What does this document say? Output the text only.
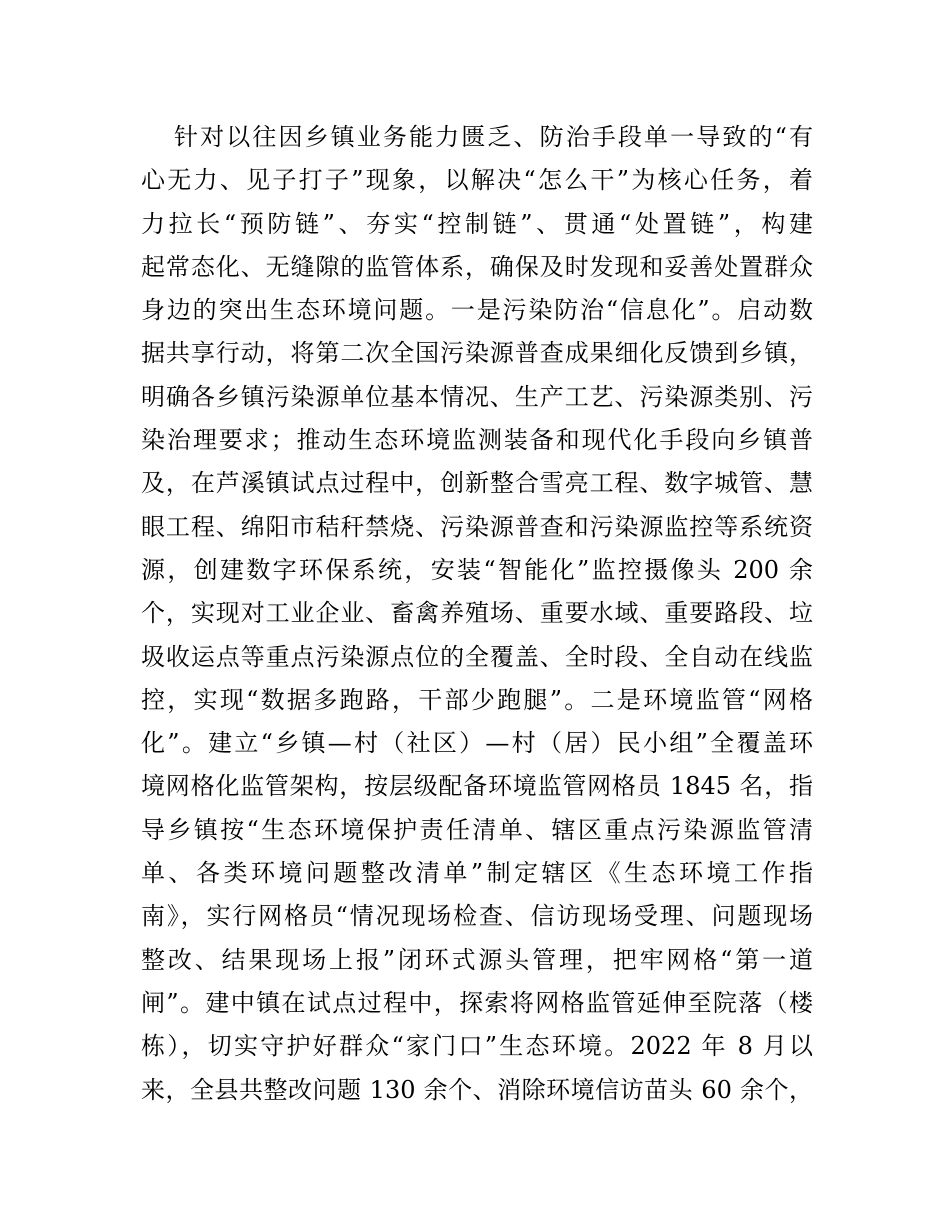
针对以往因乡镇业务能力匮乏、防治手段单一导致的“有
心无力、见子打子”现象，以解决“怎么干”为核心任务，着
力拉长“预防链”、夯实“控制链”、贯通“处置链”，构建
起常态化、无缝隙的监管体系，确保及时发现和妥善处置群众
身边的突出生态环境问题。一是污染防治“信息化”。启动数
据共享行动，将第二次全国污染源普查成果细化反馈到乡镇，
明确各乡镇污染源单位基本情况、生产工艺、污染源类别、污
染治理要求；推动生态环境监测装备和现代化手段向乡镇普
及，在芦溪镇试点过程中，创新整合雪亮工程、数字城管、慧
眼工程、绵阳市秸秆禁烧、污染源普查和污染源监控等系统资
源，创建数字环保系统，安装“智能化”监控摄像头 200 余
个，实现对工业企业、畜禽养殖场、重要水域、重要路段、垃
圾收运点等重点污染源点位的全覆盖、全时段、全自动在线监
控，实现“数据多跑路，干部少跑腿”。二是环境监管“网格
化”。建立“乡镇—村（社区）—村（居）民小组”全覆盖环
境网格化监管架构，按层级配备环境监管网格员 1845 名，指
导乡镇按“生态环境保护责任清单、辖区重点污染源监管清
单、各类环境问题整改清单”制定辖区《生态环境工作指
南》，实行网格员“情况现场检查、信访现场受理、问题现场
整改、结果现场上报”闭环式源头管理，把牢网格“第一道
闸”。建中镇在试点过程中，探索将网格监管延伸至院落（楼
栋），切实守护好群众“家门口”生态环境。2022 年 8 月以
来，全县共整改问题 130 余个、消除环境信访苗头 60 余个，
